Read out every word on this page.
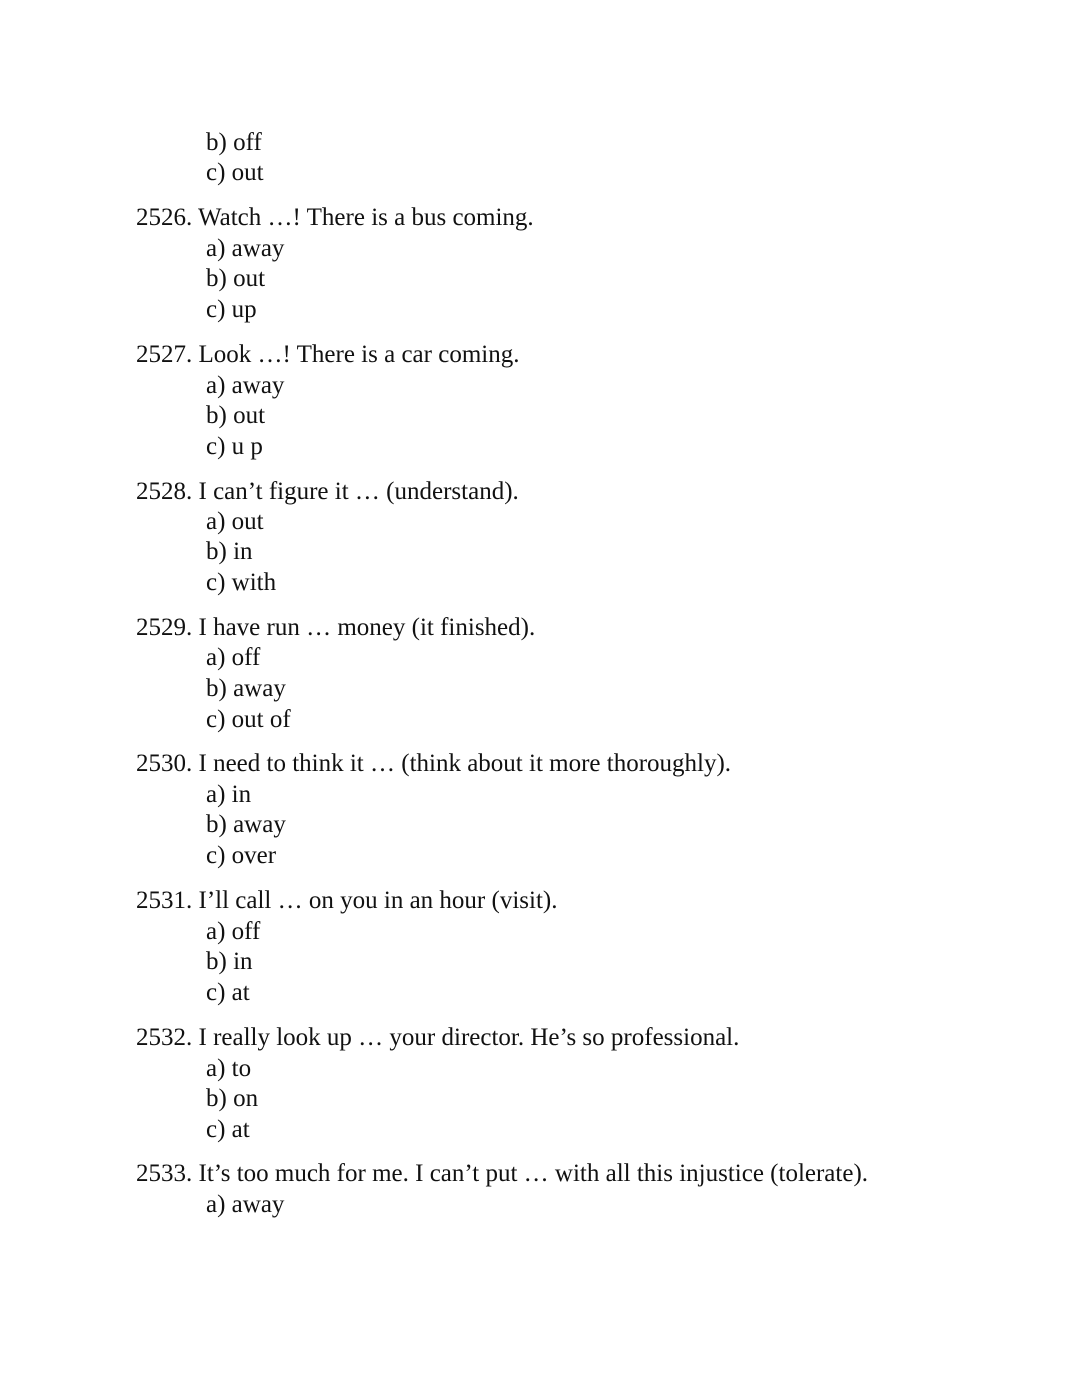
b) off
c) out
2526. Watch …! There is a bus coming.
a) away
b) out
c) up
2527. Look …! There is a car coming.
a) away
b) out
c) u p
2528. I can’t figure it … (understand).
a) out
b) in
c) with
2529. I have run … money (it finished).
a) off
b) away
c) out of
2530. I need to think it … (think about it more thoroughly).
a) in
b) away
c) over
2531. I’ll call … on you in an hour (visit).
a) off
b) in
c) at
2532. I really look up … your director. He’s so professional.
a) to
b) on
c) at
2533. It’s too much for me. I can’t put … with all this injustice (tolerate).
a) away
